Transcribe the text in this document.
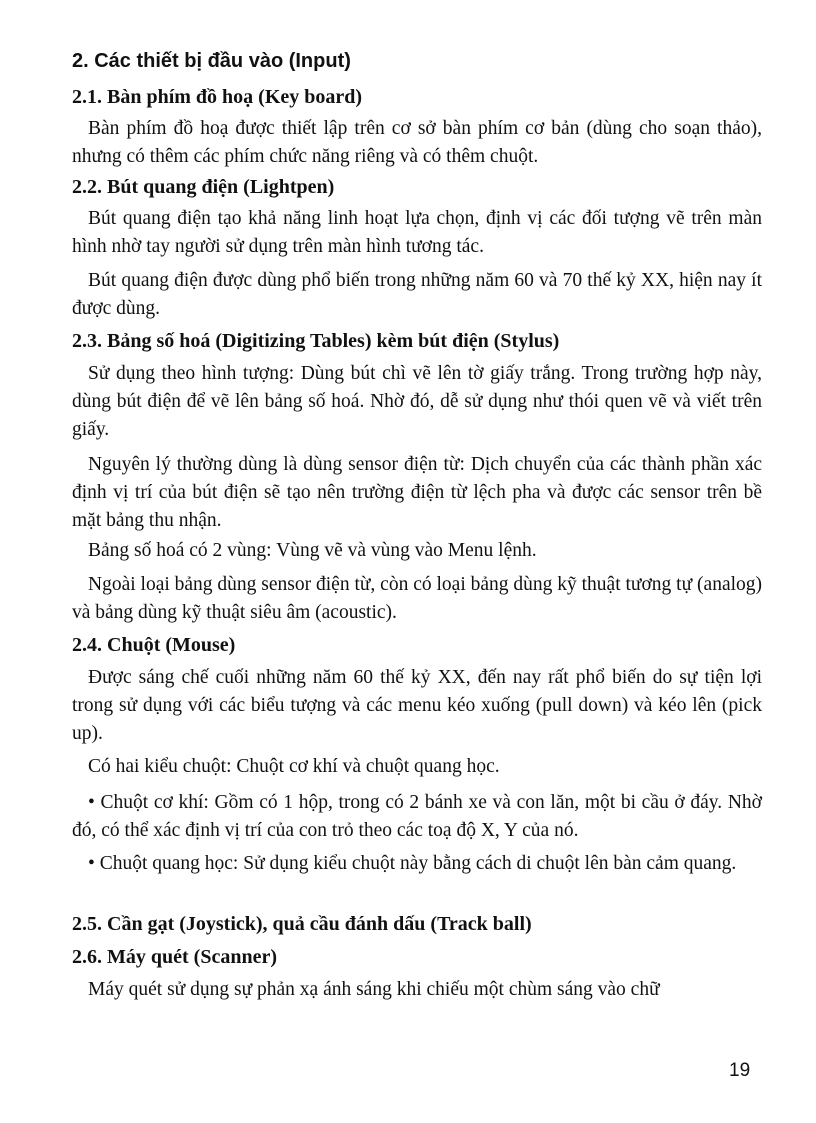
2. Các thiết bị đầu vào (Input)
2.1. Bàn phím đồ hoạ (Key board)

Bàn phím đồ hoạ được thiết lập trên cơ sở bàn phím cơ bản (dùng cho soạn thảo), nhưng có thêm các phím chức năng riêng và có thêm chuột.

2.2. Bút quang điện (Lightpen)

Bút quang điện tạo khả năng linh hoạt lựa chọn, định vị các đối tượng vẽ trên màn hình nhờ tay người sử dụng trên màn hình tương tác.

Bút quang điện được dùng phổ biến trong những năm 60 và 70 thế kỷ XX, hiện nay ít được dùng.

2.3. Bảng số hoá (Digitizing Tables) kèm bút điện (Stylus)

Sử dụng theo hình tượng: Dùng bút chì vẽ lên tờ giấy trắng. Trong trường hợp này, dùng bút điện để vẽ lên bảng số hoá. Nhờ đó, dễ sử dụng như thói quen vẽ và viết trên giấy.

Nguyên lý thường dùng là dùng sensor điện từ: Dịch chuyển của các thành phần xác định vị trí của bút điện sẽ tạo nên trường điện từ lệch pha và được các sensor trên bề mặt bảng thu nhận.

Bảng số hoá có 2 vùng: Vùng vẽ và vùng vào Menu lệnh.

Ngoài loại bảng dùng sensor điện từ, còn có loại bảng dùng kỹ thuật tương tự (analog) và bảng dùng kỹ thuật siêu âm (acoustic).

2.4. Chuột (Mouse)

Được sáng chế cuối những năm 60 thế kỷ XX, đến nay rất phổ biến do sự tiện lợi trong sử dụng với các biểu tượng và các menu kéo xuống (pull down) và kéo lên (pick up).

Có hai kiểu chuột: Chuột cơ khí và chuột quang học.

• Chuột cơ khí: Gồm có 1 hộp, trong có 2 bánh xe và con lăn, một bi cầu ở đáy. Nhờ đó, có thể xác định vị trí của con trỏ theo các toạ độ X, Y của nó.

• Chuột quang học: Sử dụng kiểu chuột này bằng cách di chuột lên bàn cảm quang.

2.5. Cần gạt (Joystick), quả cầu đánh dấu (Track ball)
2.6. Máy quét (Scanner)

Máy quét sử dụng sự phản xạ ánh sáng khi chiếu một chùm sáng vào chữ

19
